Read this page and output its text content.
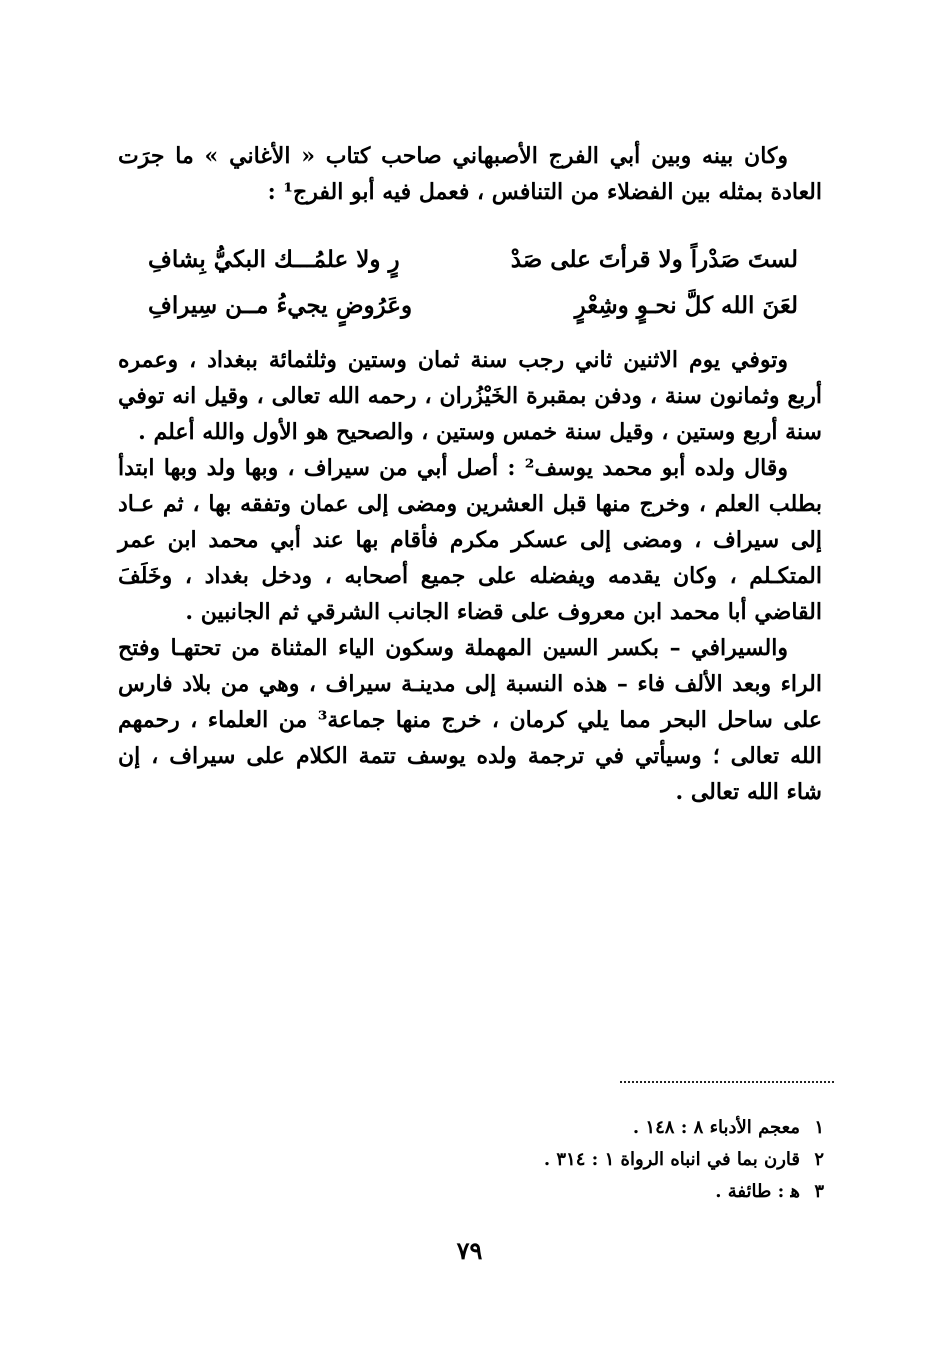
وكان بينه وبين أبي الفرج الأصبهاني صاحب كتاب « الأغاني » ما جرَت العادة بمثله بين الفضلاء من التنافس ، فعمل فيه أبو الفرج¹ :

لستَ صَدْراً ولا قرأتَ على صَدْ
رٍ ولا علمُـــك البكيُّ بِشافِ
لعَنَ الله كلَّ نحـوٍ وشِعْرٍ
وعَرُوضٍ يجيءُ مــن سِيرافِ

وتوفي يوم الاثنين ثاني رجب سنة ثمان وستين وثلثمائة ببغداد ، وعمره أربع وثمانون سنة ، ودفن بمقبرة الخَيْزُران ، رحمه الله تعالى ، وقيل انه توفي سنة أربع وستين ، وقيل سنة خمس وستين ، والصحيح هو الأول والله أعلم .

وقال ولده أبو محمد يوسف² : أصل أبي من سيراف ، وبها ولد وبها ابتدأ بطلب العلم ، وخرج منها قبل العشرين ومضى إلى عمان وتفقه بها ، ثم عـاد إلى سيراف ، ومضى إلى عسكر مكرم فأقام بها عند أبي محمد ابن عمر المتكـلم ، وكان يقدمه ويفضله على جميع أصحابه ، ودخل بغداد ، وخَلَفَ القاضي أبا محمد ابن معروف على قضاء الجانب الشرقي ثم الجانبين .

والسيرافي – بكسر السين المهملة وسكون الياء المثناة من تحتهـا وفتح الراء وبعد الألف فاء – هذه النسبة إلى مدينـة سيراف ، وهي من بلاد فارس على ساحل البحر مما يلي كرمان ، خرج منها جماعة³ من العلماء ، رحمهم الله تعالى ؛ وسيأتي في ترجمة ولده يوسف تتمة الكلام على سيراف ، إن شاء الله تعالى .

١
معجم الأدباء ٨ : ١٤٨ .
٢
قارن بما في انباه الرواة ١ : ٣١٤ .
٣
ﻫ : طائفة .
٧٩
